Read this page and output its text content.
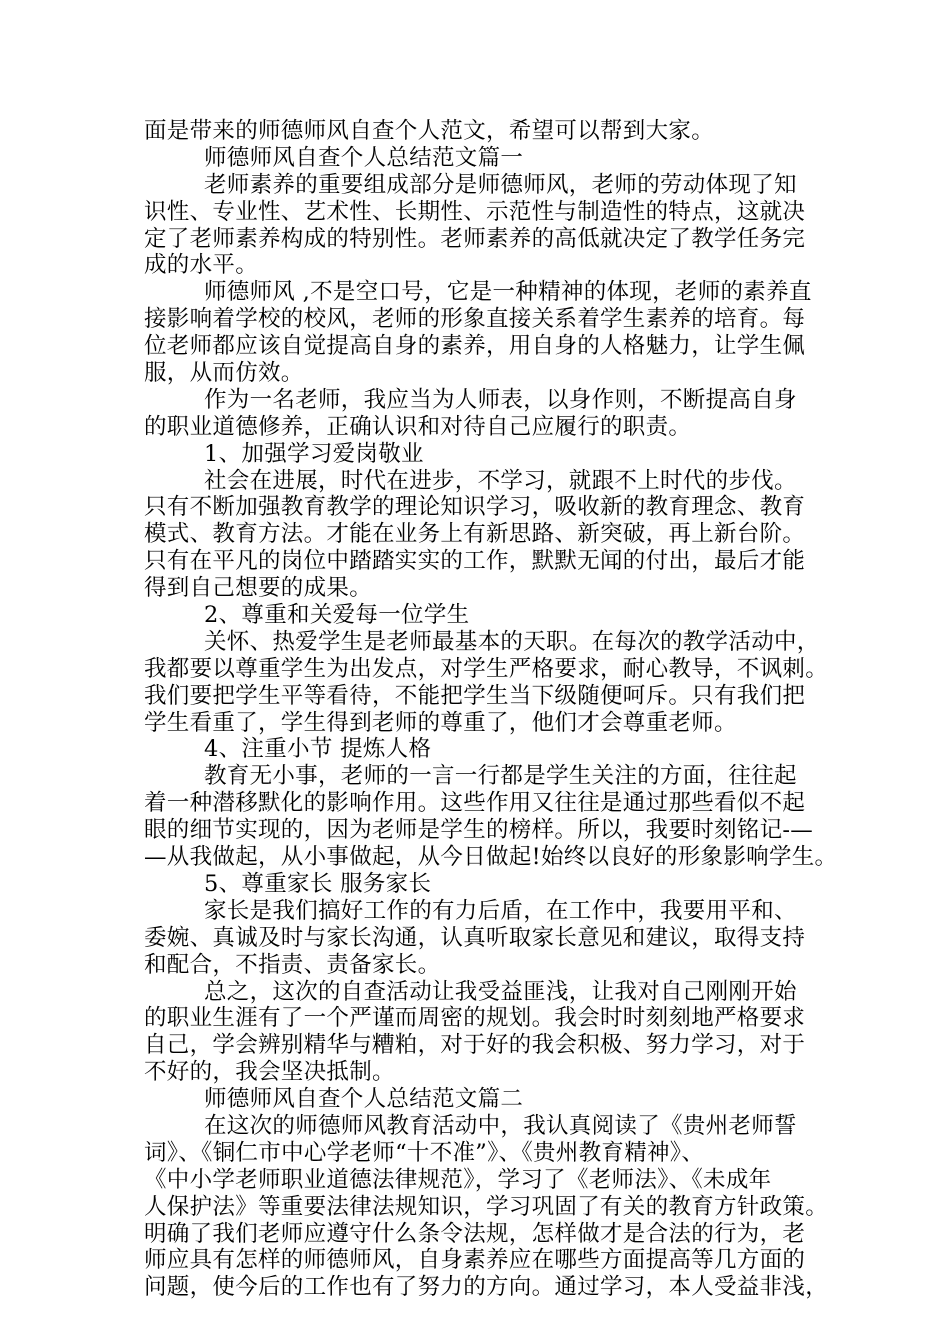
面是带来的师德师风自查个人范文，希望可以帮到大家。
师德师风自查个人总结范文篇一
老师素养的重要组成部分是师德师风，老师的劳动体现了知
识性、专业性、艺术性、长期性、示范性与制造性的特点，这就决
定了老师素养构成的特别性。老师素养的高低就决定了教学任务完
成的水平。
师德师风 ,不是空口号，它是一种精神的体现，老师的素养直
接影响着学校的校风，老师的形象直接关系着学生素养的培育。每
位老师都应该自觉提高自身的素养，用自身的人格魅力，让学生佩
服，从而仿效。
作为一名老师，我应当为人师表，以身作则，不断提高自身
的职业道德修养，正确认识和对待自己应履行的职责。
1、加强学习爱岗敬业
社会在进展，时代在进步，不学习，就跟不上时代的步伐。
只有不断加强教育教学的理论知识学习，吸收新的教育理念、教育
模式、教育方法。才能在业务上有新思路、新突破，再上新台阶。
只有在平凡的岗位中踏踏实实的工作，默默无闻的付出，最后才能
得到自己想要的成果。
2、尊重和关爱每一位学生
关怀、热爱学生是老师最基本的天职。在每次的教学活动中，
我都要以尊重学生为出发点，对学生严格要求，耐心教导，不讽刺。
我们要把学生平等看待，不能把学生当下级随便呵斥。只有我们把
学生看重了，学生得到老师的尊重了，他们才会尊重老师。
4、注重小节 提炼人格
教育无小事，老师的一言一行都是学生关注的方面，往往起
着一种潜移默化的影响作用。这些作用又往往是通过那些看似不起
眼的细节实现的，因为老师是学生的榜样。所以，我要时刻铭记-—
—从我做起，从小事做起，从今日做起!始终以良好的形象影响学生。
5、尊重家长 服务家长
家长是我们搞好工作的有力后盾，在工作中，我要用平和、
委婉、真诚及时与家长沟通，认真听取家长意见和建议，取得支持
和配合，不指责、责备家长。
总之，这次的自查活动让我受益匪浅，让我对自己刚刚开始
的职业生涯有了一个严谨而周密的规划。我会时时刻刻地严格要求
自己，学会辨别精华与糟粕，对于好的我会积极、努力学习，对于
不好的，我会坚决抵制。
师德师风自查个人总结范文篇二
在这次的师德师风教育活动中，我认真阅读了《贵州老师誓
词》、《铜仁市中心学老师“十不准”》、《贵州教育精神》、
《中小学老师职业道德法律规范》，学习了《老师法》、《未成年
人保护法》等重要法律法规知识，学习巩固了有关的教育方针政策。
明确了我们老师应遵守什么条令法规，怎样做才是合法的行为，老
师应具有怎样的师德师风，自身素养应在哪些方面提高等几方面的
问题，使今后的工作也有了努力的方向。通过学习，本人受益非浅，
